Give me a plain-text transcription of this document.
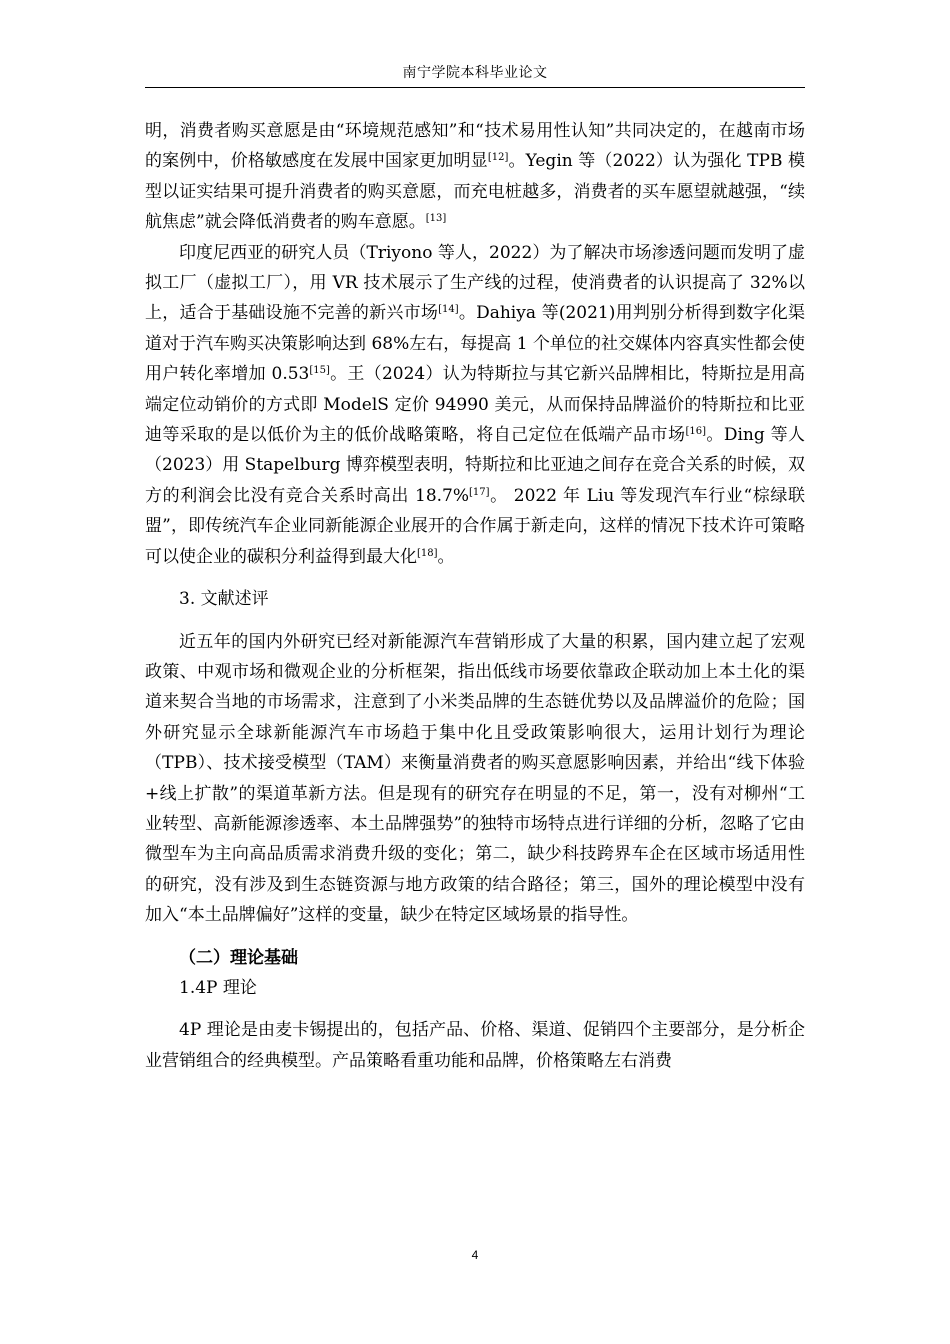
南宁学院本科毕业论文

明，消费者购买意愿是由“环境规范感知”和“技术易用性认知”共同决定的，在越南市场的案例中，价格敏感度在发展中国家更加明显[12]。Yegin 等（2022）认为强化 TPB 模型以证实结果可提升消费者的购买意愿，而充电桩越多，消费者的买车愿望就越强，“续航焦虑”就会降低消费者的购车意愿。[13]

印度尼西亚的研究人员（Triyono 等人，2022）为了解决市场渗透问题而发明了虚拟工厂（虚拟工厂），用 VR 技术展示了生产线的过程，使消费者的认识提高了 32%以上，适合于基础设施不完善的新兴市场[14]。Dahiya 等(2021)用判别分析得到数字化渠道对于汽车购买决策影响达到 68%左右，每提高 1 个单位的社交媒体内容真实性都会使用户转化率增加 0.53[15]。王（2024）认为特斯拉与其它新兴品牌相比，特斯拉是用高端定位动销价的方式即 ModelS 定价 94990 美元，从而保持品牌溢价的特斯拉和比亚迪等采取的是以低价为主的低价战略策略，将自己定位在低端产品市场[16]。Ding 等人（2023）用 Stapelburg 博弈模型表明，特斯拉和比亚迪之间存在竞合关系的时候，双方的利润会比没有竞合关系时高出 18.7%[17]。 2022 年 Liu 等发现汽车行业“棕绿联盟”，即传统汽车企业同新能源企业展开的合作属于新走向，这样的情况下技术许可策略可以使企业的碳积分利益得到最大化[18]。

3. 文献述评

近五年的国内外研究已经对新能源汽车营销形成了大量的积累，国内建立起了宏观政策、中观市场和微观企业的分析框架，指出低线市场要依靠政企联动加上本土化的渠道来契合当地的市场需求，注意到了小米类品牌的生态链优势以及品牌溢价的危险；国外研究显示全球新能源汽车市场趋于集中化且受政策影响很大，运用计划行为理论（TPB）、技术接受模型（TAM）来衡量消费者的购买意愿影响因素，并给出“线下体验+线上扩散”的渠道革新方法。但是现有的研究存在明显的不足，第一，没有对柳州“工业转型、高新能源渗透率、本土品牌强势”的独特市场特点进行详细的分析，忽略了它由微型车为主向高品质需求消费升级的变化；第二，缺少科技跨界车企在区域市场适用性的研究，没有涉及到生态链资源与地方政策的结合路径；第三，国外的理论模型中没有加入“本土品牌偏好”这样的变量，缺少在特定区域场景的指导性。

（二）理论基础

1.4P 理论

4P 理论是由麦卡锡提出的，包括产品、价格、渠道、促销四个主要部分，是分析企业营销组合的经典模型。产品策略看重功能和品牌，价格策略左右消费

4
